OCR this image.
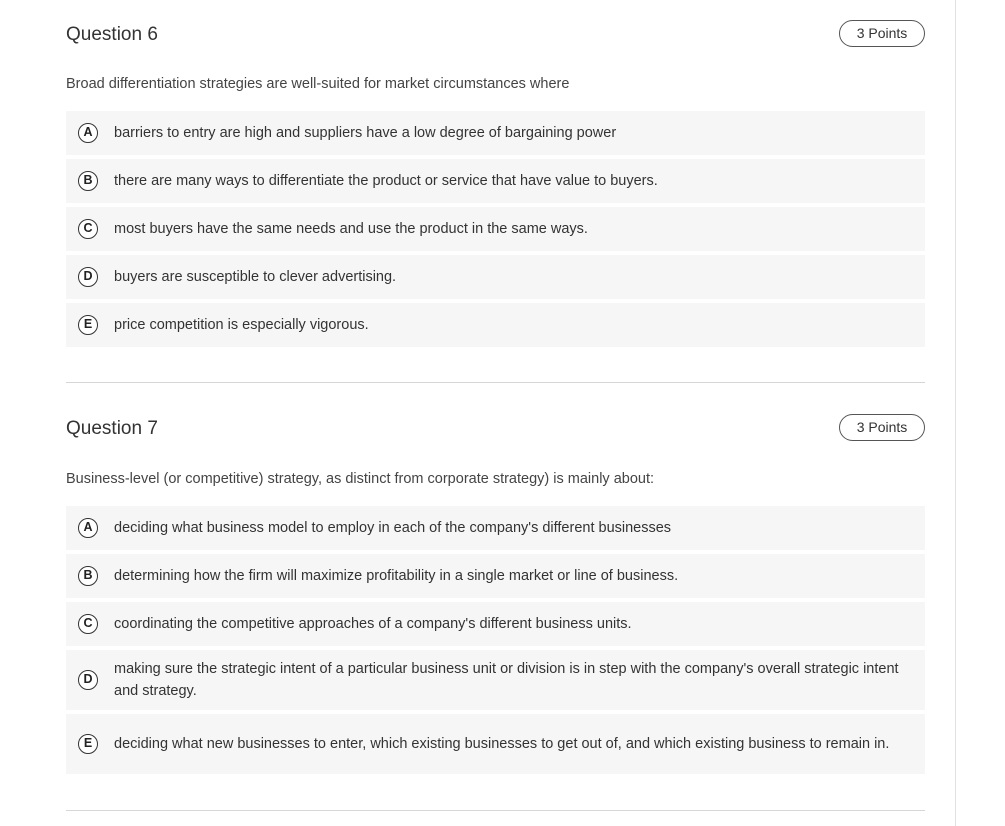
Question 6	3 Points

Broad differentiation strategies are well-suited for market circumstances where

A	barriers to entry are high and suppliers have a low degree of bargaining power
B	there are many ways to differentiate the product or service that have value to buyers.
C	most buyers have the same needs and use the product in the same ways.
D	buyers are susceptible to clever advertising.
E	price competition is especially vigorous.
Question 7	3 Points

Business-level (or competitive) strategy, as distinct from corporate strategy) is mainly about:

A	deciding what business model to employ in each of the company's different businesses
B	determining how the firm will maximize profitability in a single market or line of business.
C	coordinating the competitive approaches of a company's different business units.
D
making sure the strategic intent of a particular business unit or division is in step with the company's overall strategic intent and strategy.
E	deciding what new businesses to enter, which existing businesses to get out of, and which existing business to remain in.
